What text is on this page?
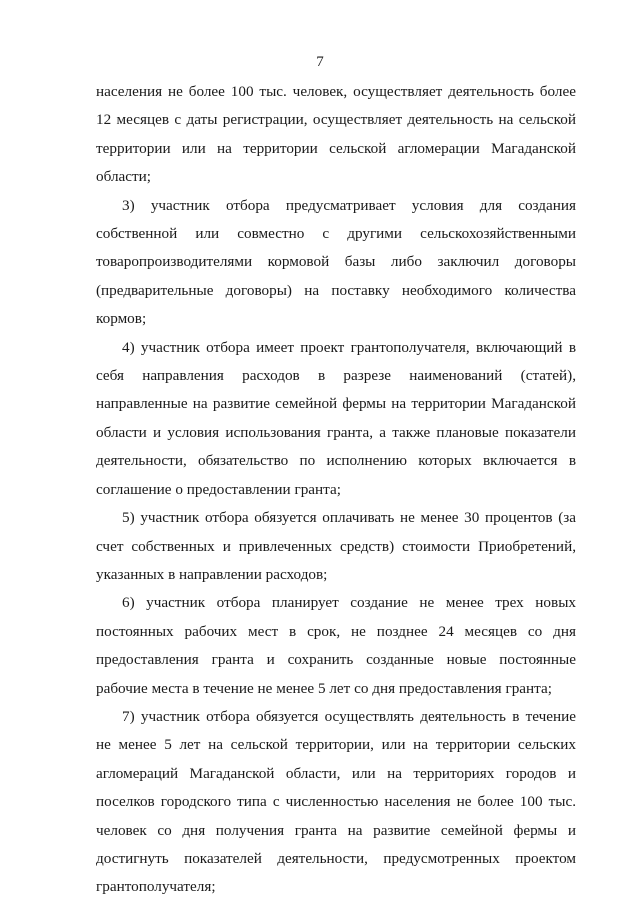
7

населения не более 100 тыс. человек, осуществляет деятельность более 12 месяцев с даты регистрации, осуществляет деятельность на сельской территории или на территории сельской агломерации Магаданской области;

3) участник отбора предусматривает условия для создания собственной или совместно с другими сельскохозяйственными товаропроизводителями кормовой базы либо заключил договоры (предварительные договоры) на поставку необходимого количества кормов;

4) участник отбора имеет проект грантополучателя, включающий в себя направления расходов в разрезе наименований (статей), направленные на развитие семейной фермы на территории Магаданской области и условия использования гранта, а также плановые показатели деятельности, обязательство по исполнению которых включается в соглашение о предоставлении гранта;

5) участник отбора обязуется оплачивать не менее 30 процентов (за счет собственных и привлеченных средств) стоимости Приобретений, указанных в направлении расходов;

6) участник отбора планирует создание не менее трех новых постоянных рабочих мест в срок, не позднее 24 месяцев со дня предоставления гранта и сохранить созданные новые постоянные рабочие места в течение не менее 5 лет со дня предоставления гранта;

7) участник отбора обязуется осуществлять деятельность в течение не менее 5 лет на сельской территории, или на территории сельских агломераций Магаданской области, или на территориях городов и поселков городского типа с численностью населения не более 100 тыс. человек со дня получения гранта на развитие семейной фермы и достигнуть показателей деятельности, предусмотренных проектом грантополучателя;
